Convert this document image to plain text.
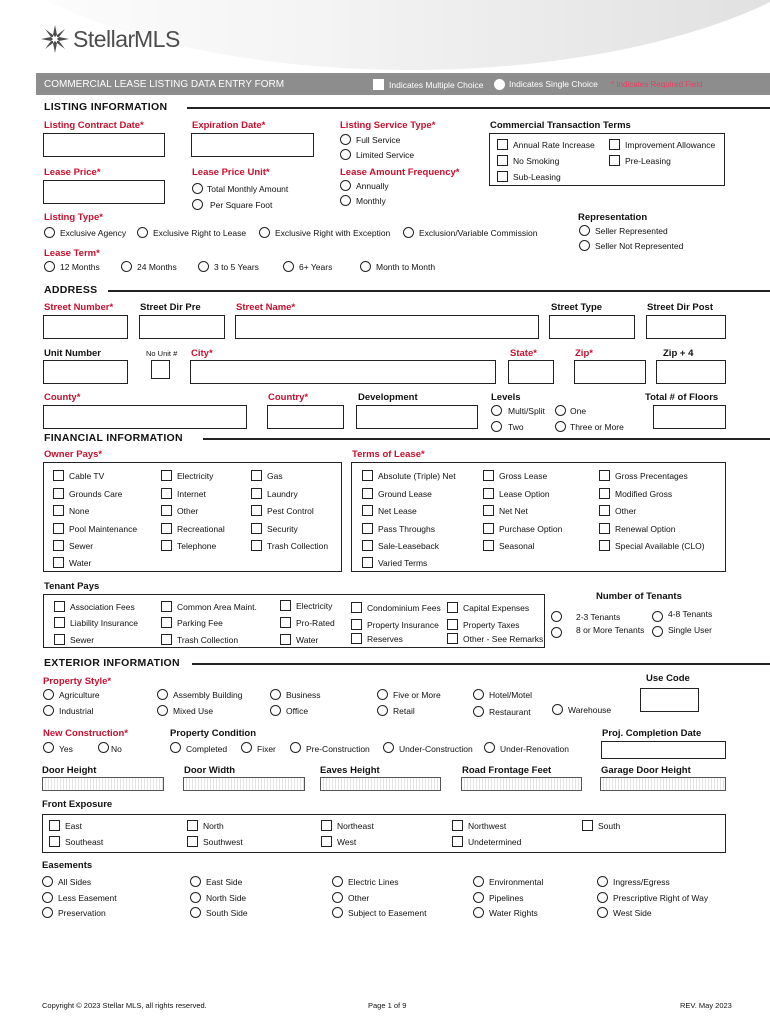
Stellar MLS
COMMERCIAL LEASE LISTING DATA ENTRY FORM	Indicates Multiple Choice	Indicates Single Choice * Indicates Required Field
LISTING INFORMATION
Listing Contract Date*	Expiration Date*	Listing Service Type*
Full Service
Limited Service
Commercial Transaction Terms
Annual Rate Increase
No Smoking
Sub-Leasing
Improvement Allowance
Pre-Leasing
Lease Price*	Lease Price Unit*
Total Monthly Amount
Per Square Foot
Lease Amount Frequency*
Annually
Monthly
Listing Type*
Exclusive Agency	Exclusive Right to Lease	Exclusive Right with Exception	Exclusion/Variable Commission
Representation
Seller Represented
Seller Not Represented
Lease Term*
12 Months	24 Months	3 to 5 Years	6+ Years	Month to Month
ADDRESS
Street Number*	Street Dir Pre	Street Name*	Street Type	Street Dir Post
Unit Number	No Unit # City*	State*	Zip*	Zip + 4
County*	Country*	Development	Levels
Multi/Split	One
Two	Three or More
Total # of Floors
FINANCIAL INFORMATION
Owner Pays*	Terms of Lease*
Cable TV
Grounds Care
None
Pool Maintenance
Sewer
Water
Electricity
Internet
Other
Recreational
Telephone
Gas
Laundry
Pest Control
Security
Trash Collection
Absolute (Triple) Net
Ground Lease
Net Lease
Pass Throughs
Sale-Leaseback
Varied Terms
Gross Lease
Lease Option
Net Net
Purchase Option
Seasonal
Gross Precentages
Modified Gross
Other
Renewal Option
Special Available (CLO)
Tenant Pays
Association Fees
Liability Insurance
Sewer
Common Area Maint.
Parking Fee
Trash Collection
Electricity
Pro-Rated
Water
Condominium Fees
Property Insurance
Reserves
Capital Expenses
Property Taxes
Other - See Remarks
Number of Tenants
2-3 Tenants
8 or More Tenants
4-8 Tenants
Single User
EXTERIOR INFORMATION
Property Style*
Agriculture
Industrial
Assembly Building
Mixed Use
Business
Office
Five or More
Retail
Hotel/Motel
Restaurant	Warehouse
Use Code
New Construction*
Yes	No
Property Condition
Completed	Fixer	Pre-Construction	Under-Construction	Under-Renovation
Proj. Completion Date
Door Height	Door Width	Eaves Height	Road Frontage Feet	Garage Door Height
Front Exposure
East
Southeast
North
Southwest
Northeast
West
Northwest
Undetermined
South
Easements
All Sides
Less Easement
Preservation
East Side
North Side
South Side
Electric Lines
Other
Subject to Easement
Environmental
Pipelines
Water Rights
Ingress/Egress
Prescriptive Right of Way
West Side
Copyright © 2023 Stellar MLS, all rights reserved.	Page 1 of 9	REV. May 2023
